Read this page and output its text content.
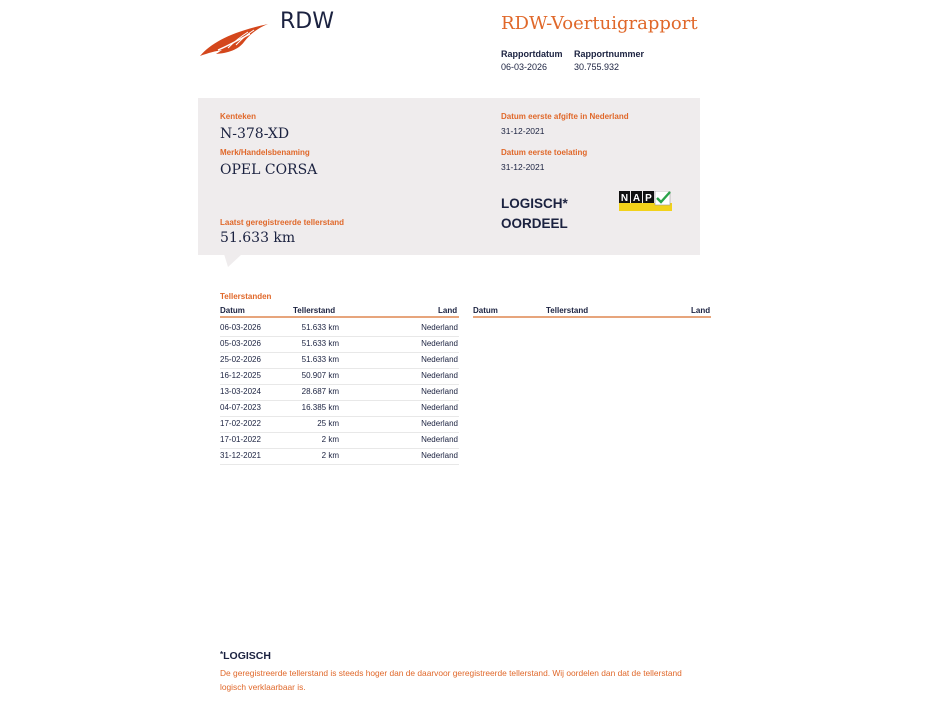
RDW	RDW-Voertuigrapport
Rapportdatum
06-03-2026
Rapportnummer
30.755.932
Kenteken
N-378-XD
Merk/Handelsbenaming
OPEL CORSA
Laatst geregistreerde tellerstand
51.633 km
Datum eerste afgifte in Nederland
31-12-2021
Datum eerste toelating
31-12-2021
LOGISCH*
OORDEEL
N A P
Tellerstanden
Datum	Tellerstand	Land Datum	Tellerstand	Land
06-03-2026	51.633 km	Nederland
05-03-2026	51.633 km	Nederland
25-02-2026	51.633 km	Nederland
16-12-2025	50.907 km	Nederland
13-03-2024	28.687 km	Nederland
04-07-2023	16.385 km	Nederland
17-02-2022	25 km	Nederland
17-01-2022	2 km	Nederland
31-12-2021	2 km	Nederland
*LOGISCH
De geregistreerde tellerstand is steeds hoger dan de daarvoor geregistreerde tellerstand. Wij oordelen dan dat de tellerstand logisch verklaarbaar is.
